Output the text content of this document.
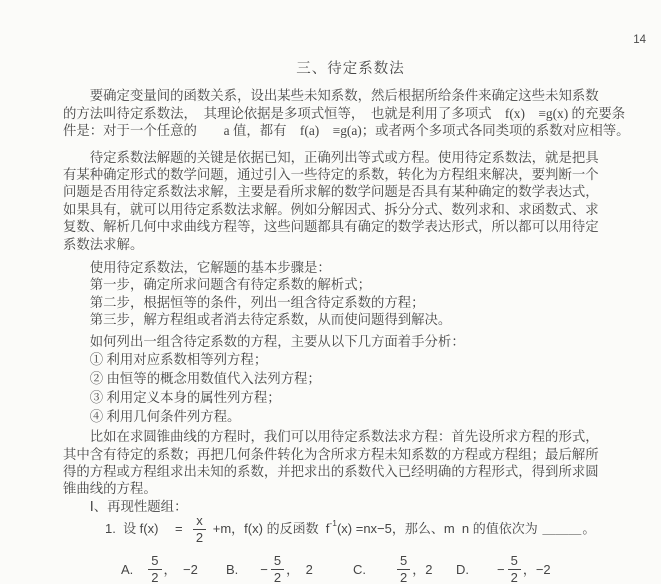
14
三、待定系数法
　　要确定变量间的函数关系，设出某些未知系数，然后根据所给条件来确定这些未知系数
的方法叫待定系数法，　其理论依据是多项式恒等，　也就是利用了多项式　f(x)　≡g(x) 的充要条
件是：对于一个任意的　　a 值，都有　f(a)　≡g(a)；或者两个多项式各同类项的系数对应相等。
　　待定系数法解题的关键是依据已知，正确列出等式或方程。使用待定系数法，就是把具
有某种确定形式的数学问题，通过引入一些待定的系数，转化为方程组来解决，要判断一个
问题是否用待定系数法求解，主要是看所求解的数学问题是否具有某种确定的数学表达式，
如果具有，就可以用待定系数法求解。例如分解因式、拆分分式、数列求和、求函数式、求
复数、解析几何中求曲线方程等，这些问题都具有确定的数学表达形式，所以都可以用待定
系数法求解。
　　使用待定系数法，它解题的基本步骤是：
　　第一步，确定所求问题含有待定系数的解析式；
　　第二步，根据恒等的条件，列出一组含待定系数的方程；
　　第三步，解方程组或者消去待定系数，从而使问题得到解决。
　　如何列出一组含待定系数的方程，主要从以下几方面着手分析：
　　① 利用对应系数相等列方程；
　　② 由恒等的概念用数值代入法列方程；
　　③ 利用定义本身的属性列方程；
　　④ 利用几何条件列方程。
　　比如在求圆锥曲线的方程时，我们可以用待定系数法求方程：首先设所求方程的形式，
其中含有待定的系数；再把几何条件转化为含所求方程未知系数的方程或方程组；最后解所
得的方程或方程组求出未知的系数，并把求出的系数代入已经明确的方程形式，得到所求圆
锥曲线的方程。
　　Ⅰ、再现性题组：
1.  设 f(x)　 = $\frac{x}{2} +m$，f(x) 的反函数  $f^{-1}$ (x) =nx−5，那么、m  n 的值依次为 ＿＿＿ 。
A. $\frac{5}{2}$ ，　−2 B. − $\frac{5}{2}$ ，　2	C. $\frac{5}{2}$ ，2 D. − $\frac{5}{2}$ ，−2
